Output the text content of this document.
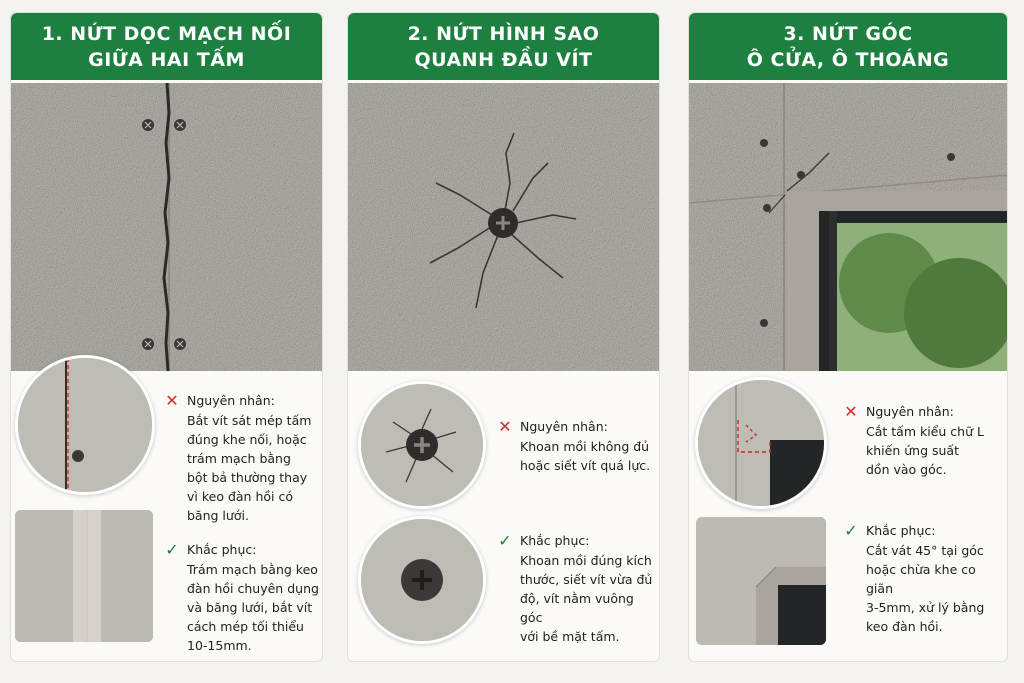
1. NỨT DỌC MẠCH NỐI
GIỮA HAI TẤM
✕ Nguyên nhân:
Bắt vít sát mép tấm
đúng khe nối, hoặc
trám mạch bằng
bột bả thường thay
vì keo đàn hồi có
băng lưới.
✓ Khắc phục:
Trám mạch bằng keo
đàn hồi chuyên dụng
và băng lưới, bắt vít
cách mép tối thiểu
10-15mm.
2. NỨT HÌNH SAO
QUANH ĐẦU VÍT
✕ Nguyên nhân:
Khoan mồi không đủ
hoặc siết vít quá lực.
✓ Khắc phục:
Khoan mồi đúng kích
thước, siết vít vừa đủ
độ, vít nằm vuông góc
với bề mặt tấm.
3. NỨT GÓC
Ô CỬA, Ô THOÁNG
✕ Nguyên nhân:
Cắt tấm kiểu chữ L
khiến ứng suất
dồn vào góc.
✓ Khắc phục:
Cắt vát 45° tại góc
hoặc chừa khe co giãn
3-5mm, xử lý bằng
keo đàn hồi.
